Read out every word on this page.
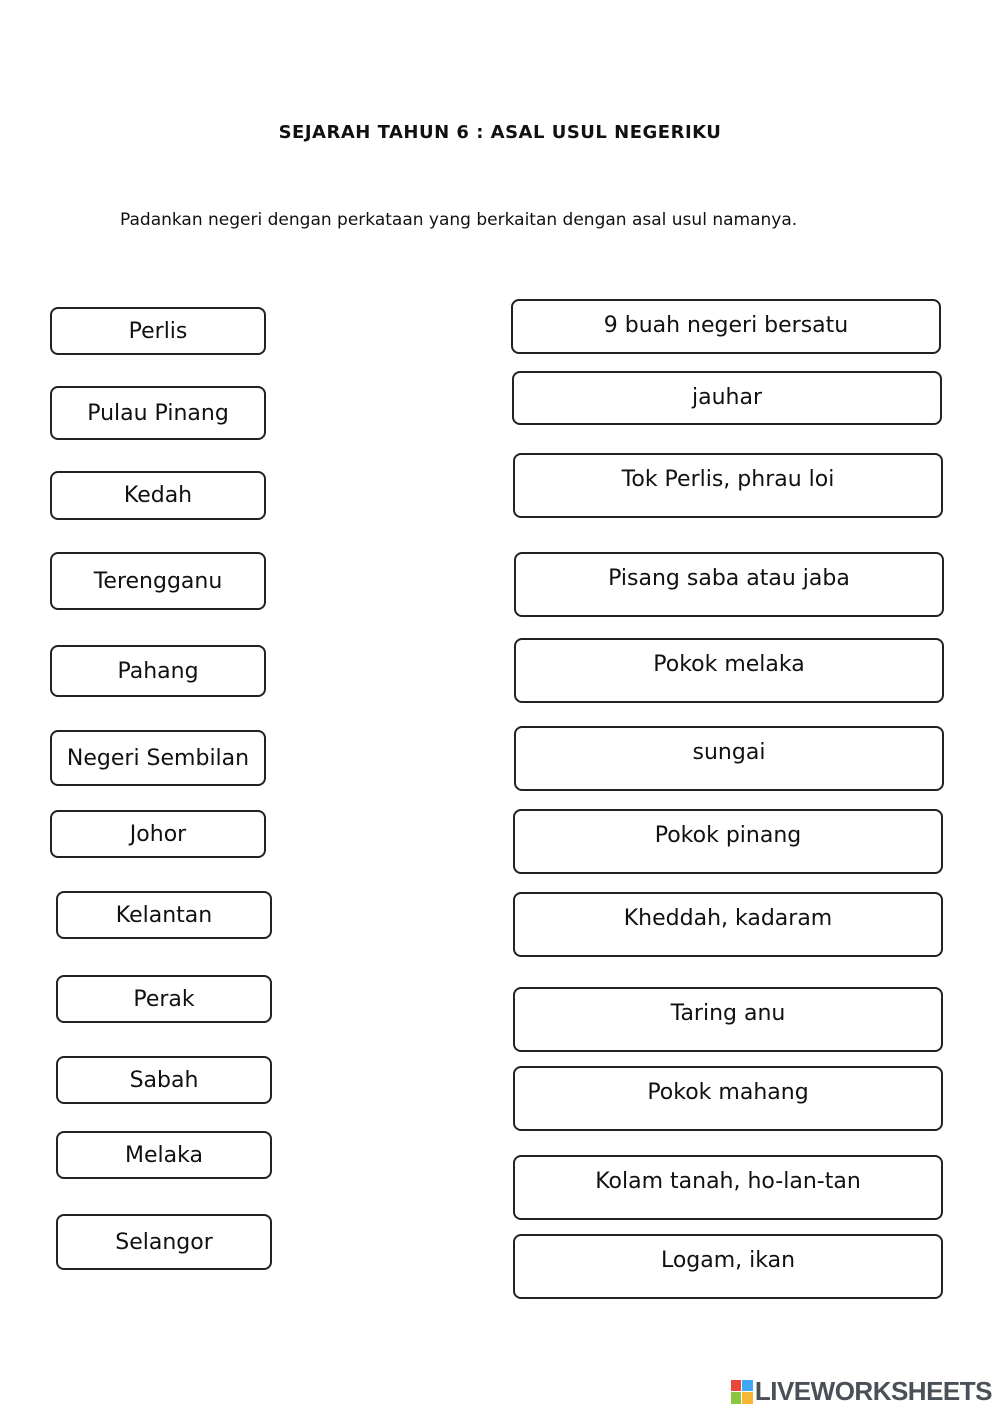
SEJARAH TAHUN 6 : ASAL USUL NEGERIKU
Padankan negeri dengan perkataan yang berkaitan dengan asal usul namanya.
Perlis
Pulau Pinang
Kedah
Terengganu
Pahang
Negeri Sembilan
Johor
Kelantan
Perak
Sabah
Melaka
Selangor
9 buah negeri bersatu
jauhar
Tok Perlis, phrau loi
Pisang saba atau jaba
Pokok melaka
sungai
Pokok pinang
Kheddah, kadaram
Taring anu
Pokok mahang
Kolam tanah, ho-lan-tan
Logam, ikan
LIVEWORKSHEETS
